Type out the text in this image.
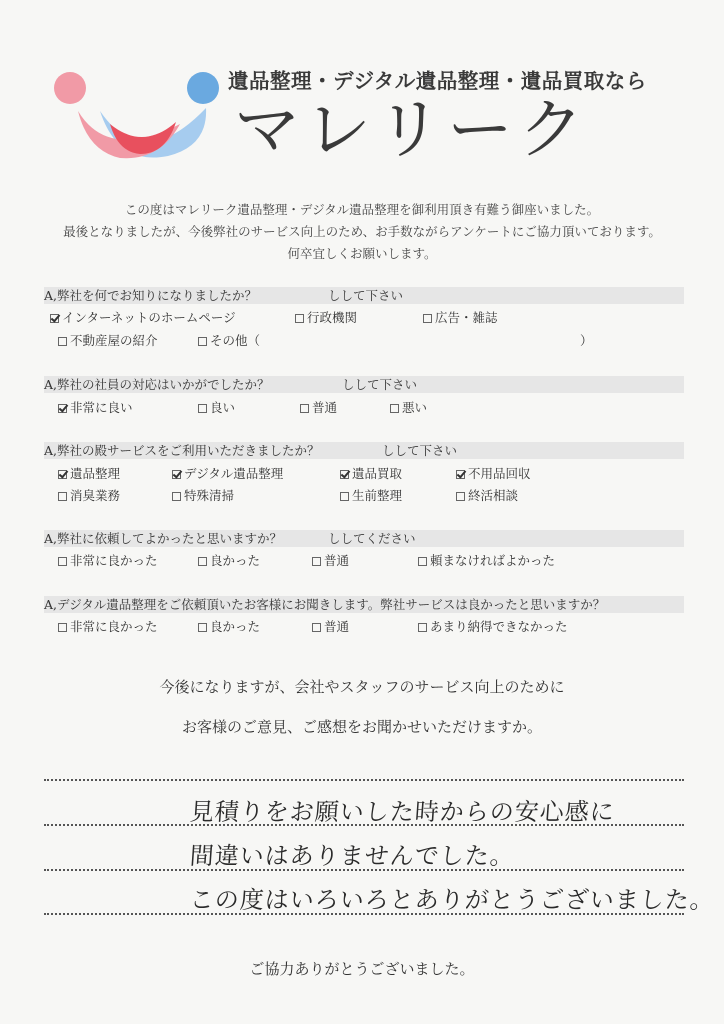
遺品整理・デジタル遺品整理・遺品買取なら
マレリーク
この度はマレリーク遺品整理・デジタル遺品整理を御利用頂き有難う御座いました。
最後となりましたが、今後弊社のサービス向上のため、お手数ながらアンケートにご協力頂いております。
何卒宜しくお願いします。
A,弊社を何でお知りになりましたか？	しして下さい
インターネットのホームページ	行政機関	広告・雑誌
不動産屋の紹介	その他（	）
A,弊社の社員の対応はいかがでしたか？	しして下さい
非常に良い	良い	普通	悪い
A,弊社の殿サービスをご利用いただきましたか？	しして下さい
遺品整理	デジタル遺品整理	遺品買取	不用品回収
消臭業務	特殊清掃	生前整理	終活相談
A,弊社に依頼してよかったと思いますか？	ししてください
非常に良かった	良かった	普通	頼まなければよかった
A,デジタル遺品整理をご依頼頂いたお客様にお聞きします。弊社サービスは良かったと思いますか？
非常に良かった	良かった	普通	あまり納得できなかった
今後になりますが、会社やスタッフのサービス向上のために
お客様のご意見、ご感想をお聞かせいただけますか。
見積りをお願いした時からの安心感に
間違いはありませんでした。
この度はいろいろとありがとうございました。
ご協力ありがとうございました。
